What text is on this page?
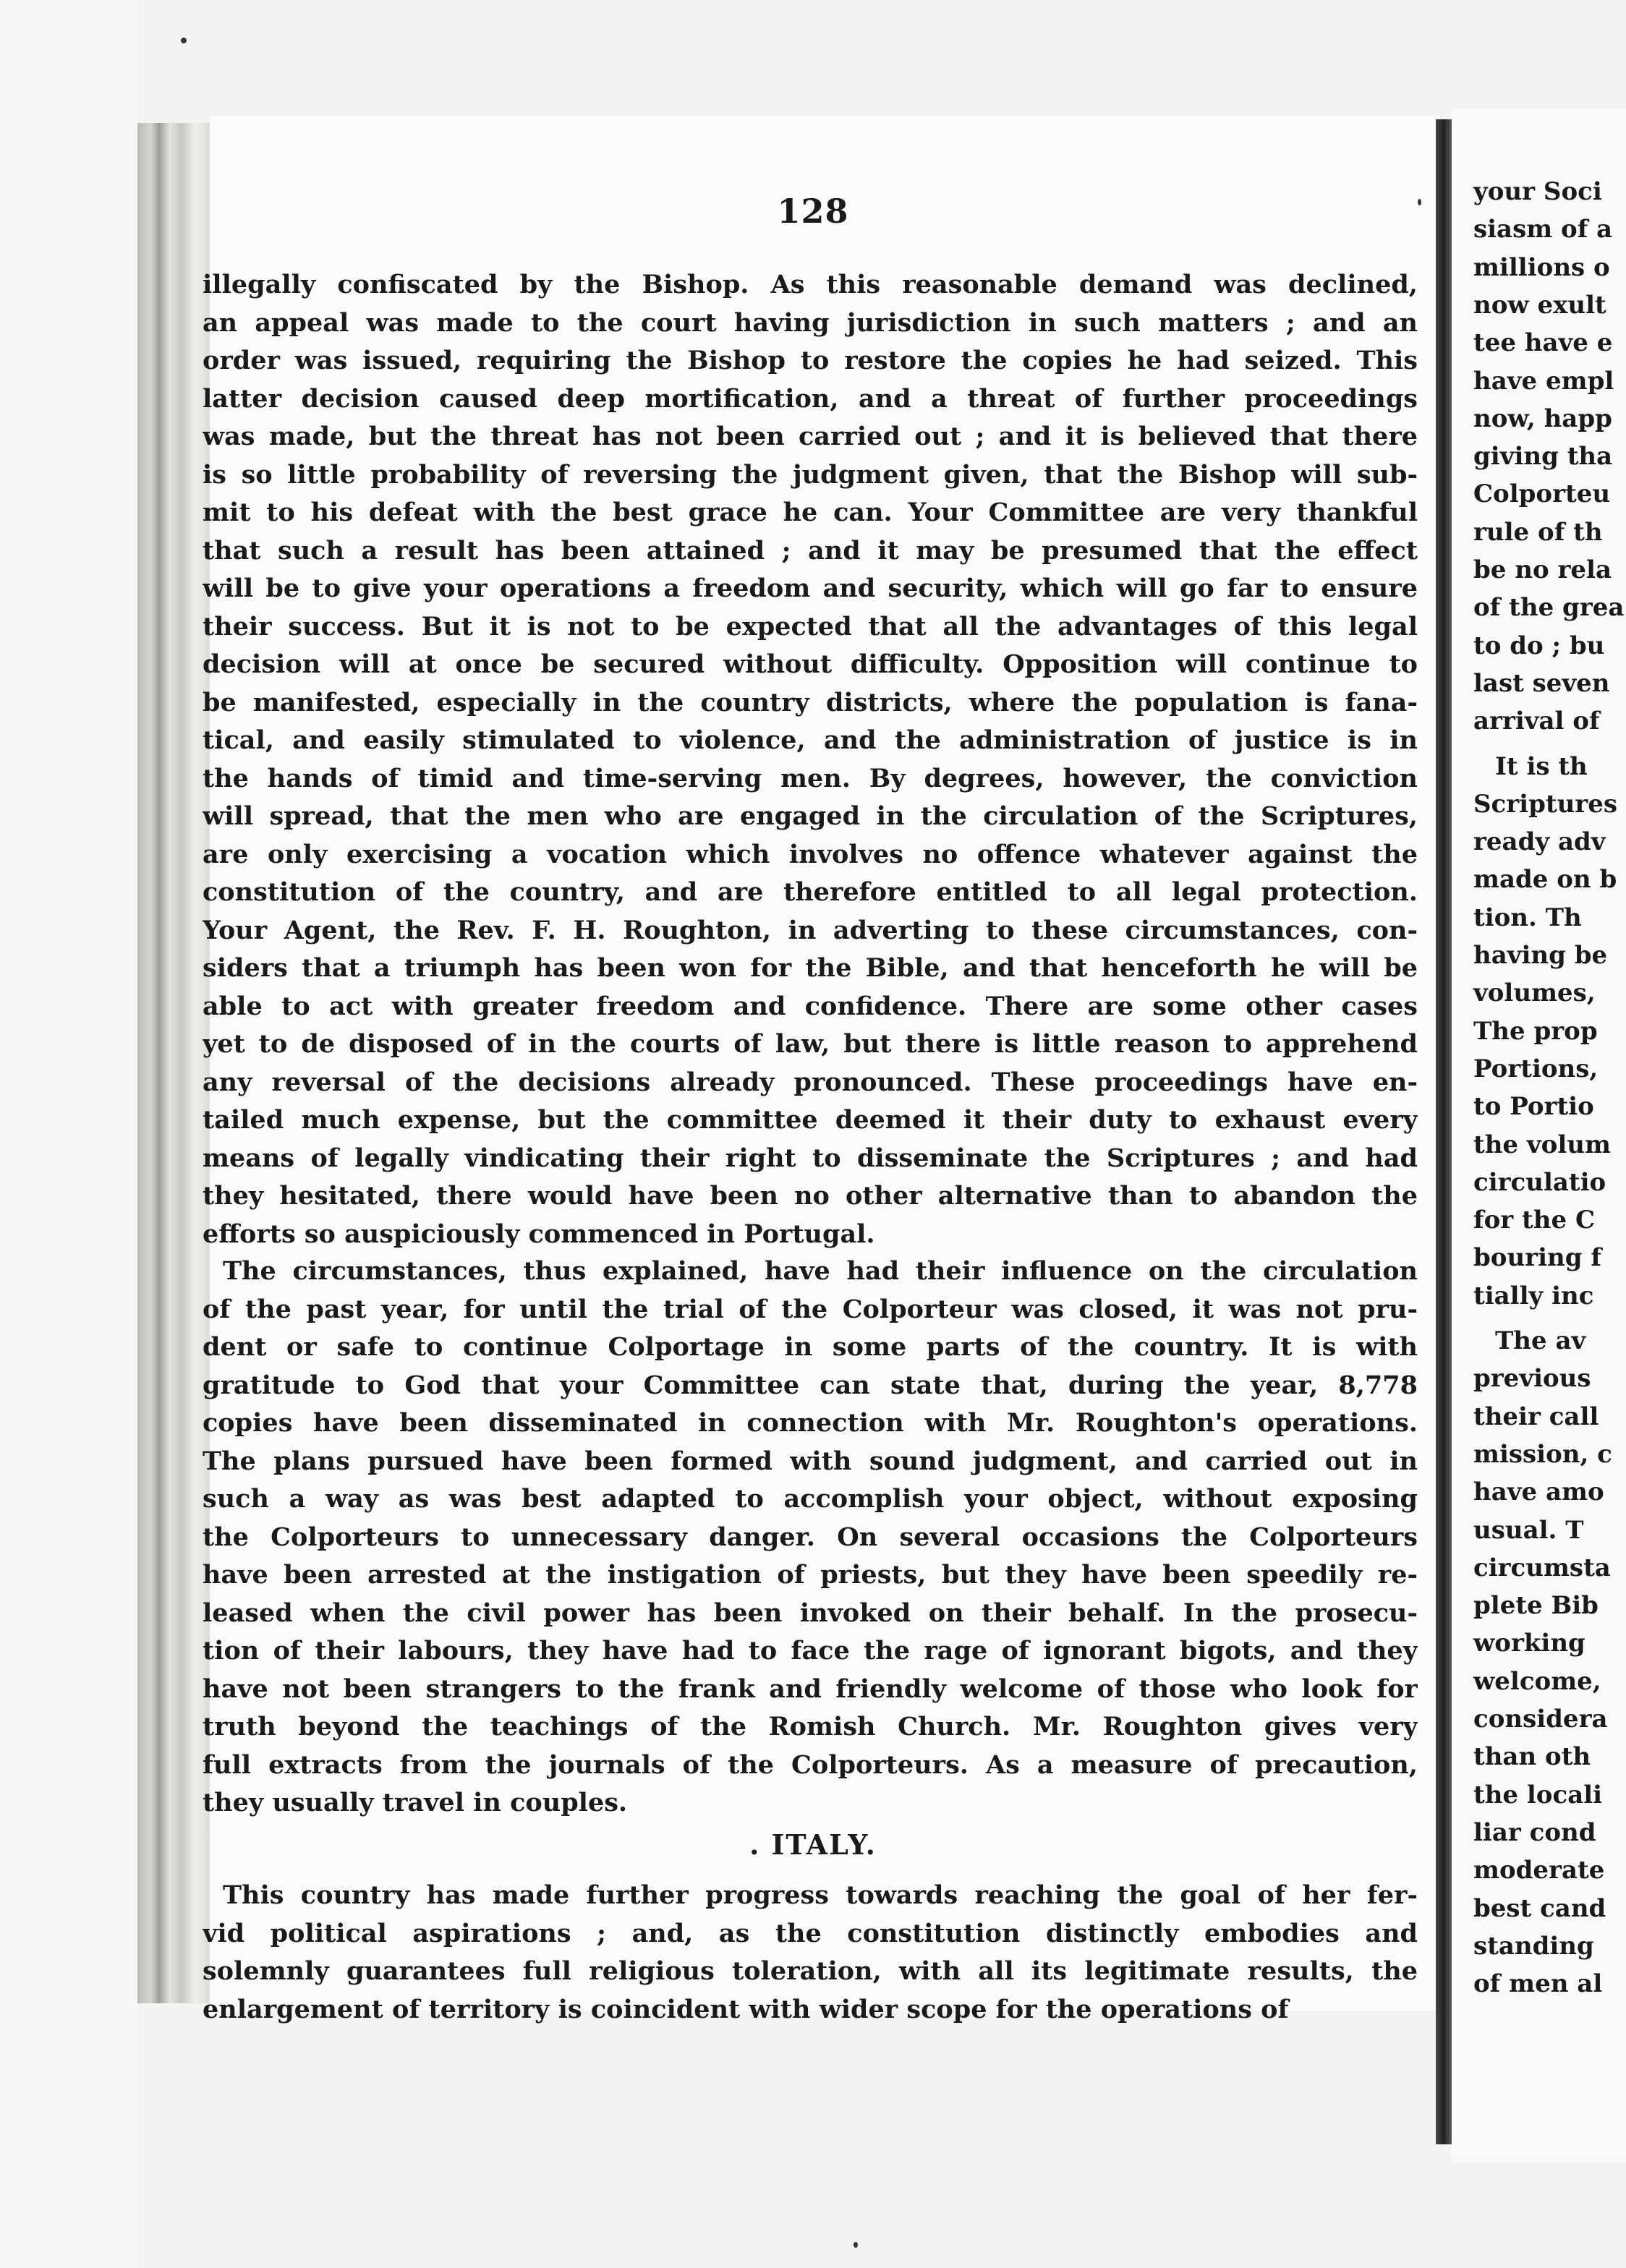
your Soci
siasm of a
millions o
now exult
tee have e
have empl
now, happ
giving tha
Colporteu
rule of th
be no rela
of the grea
to do ; bu
last seven
arrival of
It is th
Scriptures
ready adv
made on b
tion. Th
having be
volumes,
The prop
Portions,
to Portio
the volum
circulatio
for the C
bouring f
tially inc
The av
previous
their call
mission, c
have amo
usual. T
circumsta
plete Bib
working
welcome,
considera
than oth
the locali
liar cond
moderate
best cand
standing
of men al
128
illegally confiscated by the Bishop. As this reasonable demand was declined,
an appeal was made to the court having jurisdiction in such matters ; and an
order was issued, requiring the Bishop to restore the copies he had seized. This
latter decision caused deep mortification, and a threat of further proceedings
was made, but the threat has not been carried out ; and it is believed that there
is so little probability of reversing the judgment given, that the Bishop will sub-
mit to his defeat with the best grace he can. Your Committee are very thankful
that such a result has been attained ; and it may be presumed that the effect
will be to give your operations a freedom and security, which will go far to ensure
their success. But it is not to be expected that all the advantages of this legal
decision will at once be secured without difficulty. Opposition will continue to
be manifested, especially in the country districts, where the population is fana-
tical, and easily stimulated to violence, and the administration of justice is in
the hands of timid and time-serving men. By degrees, however, the conviction
will spread, that the men who are engaged in the circulation of the Scriptures,
are only exercising a vocation which involves no offence whatever against the
constitution of the country, and are therefore entitled to all legal protection.
Your Agent, the Rev. F. H. Roughton, in adverting to these circumstances, con-
siders that a triumph has been won for the Bible, and that henceforth he will be
able to act with greater freedom and confidence. There are some other cases
yet to de disposed of in the courts of law, but there is little reason to apprehend
any reversal of the decisions already pronounced. These proceedings have en-
tailed much expense, but the committee deemed it their duty to exhaust every
means of legally vindicating their right to disseminate the Scriptures ; and had
they hesitated, there would have been no other alternative than to abandon the
efforts so auspiciously commenced in Portugal.
The circumstances, thus explained, have had their influence on the circulation
of the past year, for until the trial of the Colporteur was closed, it was not pru-
dent or safe to continue Colportage in some parts of the country. It is with
gratitude to God that your Committee can state that, during the year, 8,778
copies have been disseminated in connection with Mr. Roughton's operations.
The plans pursued have been formed with sound judgment, and carried out in
such a way as was best adapted to accomplish your object, without exposing
the Colporteurs to unnecessary danger. On several occasions the Colporteurs
have been arrested at the instigation of priests, but they have been speedily re-
leased when the civil power has been invoked on their behalf. In the prosecu-
tion of their labours, they have had to face the rage of ignorant bigots, and they
have not been strangers to the frank and friendly welcome of those who look for
truth beyond the teachings of the Romish Church. Mr. Roughton gives very
full extracts from the journals of the Colporteurs. As a measure of precaution,
they usually travel in couples.
. ITALY.
This country has made further progress towards reaching the goal of her fer-
vid political aspirations ; and, as the constitution distinctly embodies and
solemnly guarantees full religious toleration, with all its legitimate results, the
enlargement of territory is coincident with wider scope for the operations of
